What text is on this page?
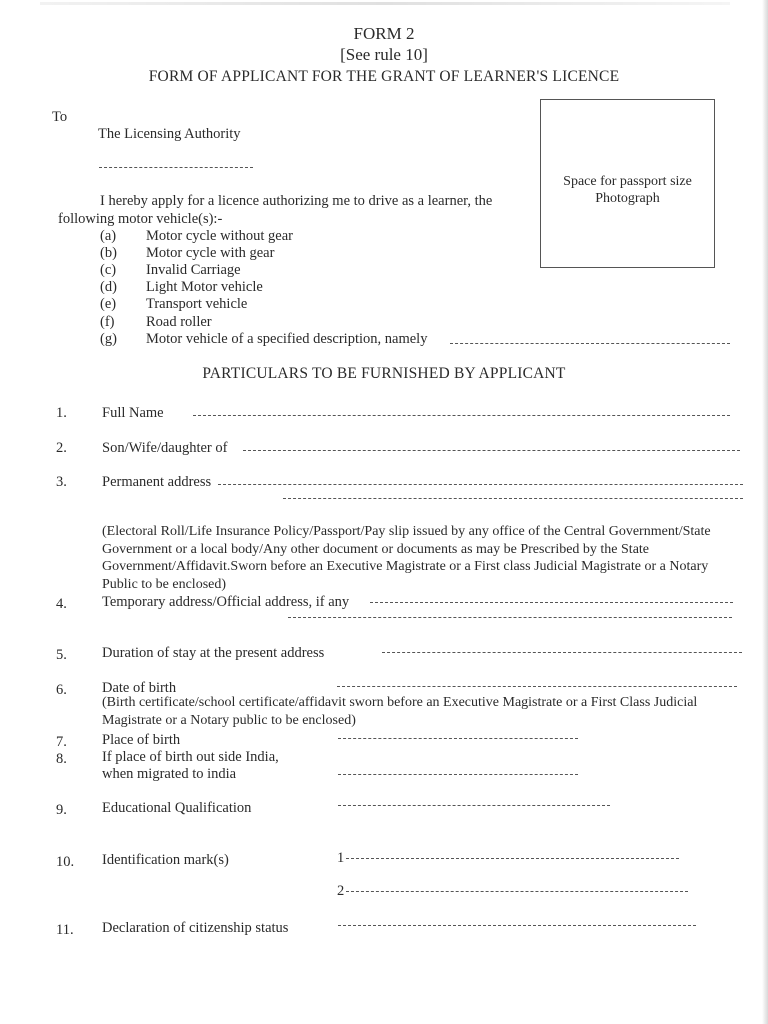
FORM 2
[See rule 10]
FORM OF APPLICANT FOR THE GRANT OF LEARNER'S LICENCE
To
The Licensing Authority
Space for passport size Photograph
I hereby apply for a licence authorizing me to drive as a learner, the
following motor vehicle(s):-
(a) Motor cycle without gear
(b) Motor cycle with gear
(c) Invalid Carriage
(d) Light Motor vehicle
(e) Transport vehicle
(f) Road roller
(g) Motor vehicle of a specified description, namely
PARTICULARS TO BE FURNISHED BY APPLICANT
1. Full Name
2. Son/Wife/daughter of
3. Permanent address
(Electoral Roll/Life Insurance Policy/Passport/Pay slip issued by any office of the Central Government/State Government or a local body/Any other document or documents as may be Prescribed by the State Government/Affidavit.Sworn before an Executive Magistrate or a First class Judicial Magistrate or a Notary Public to be enclosed)
4. Temporary address/Official address, if any
5. Duration of stay at the present address
6. Date of birth
(Birth certificate/school certificate/affidavit sworn before an Executive Magistrate or a First Class Judicial Magistrate or a Notary public to be enclosed)
7. Place of birth
8. If place of birth out side India,
when migrated to india
9. Educational Qualification
10. Identification mark(s)	1
2
11. Declaration of citizenship status
